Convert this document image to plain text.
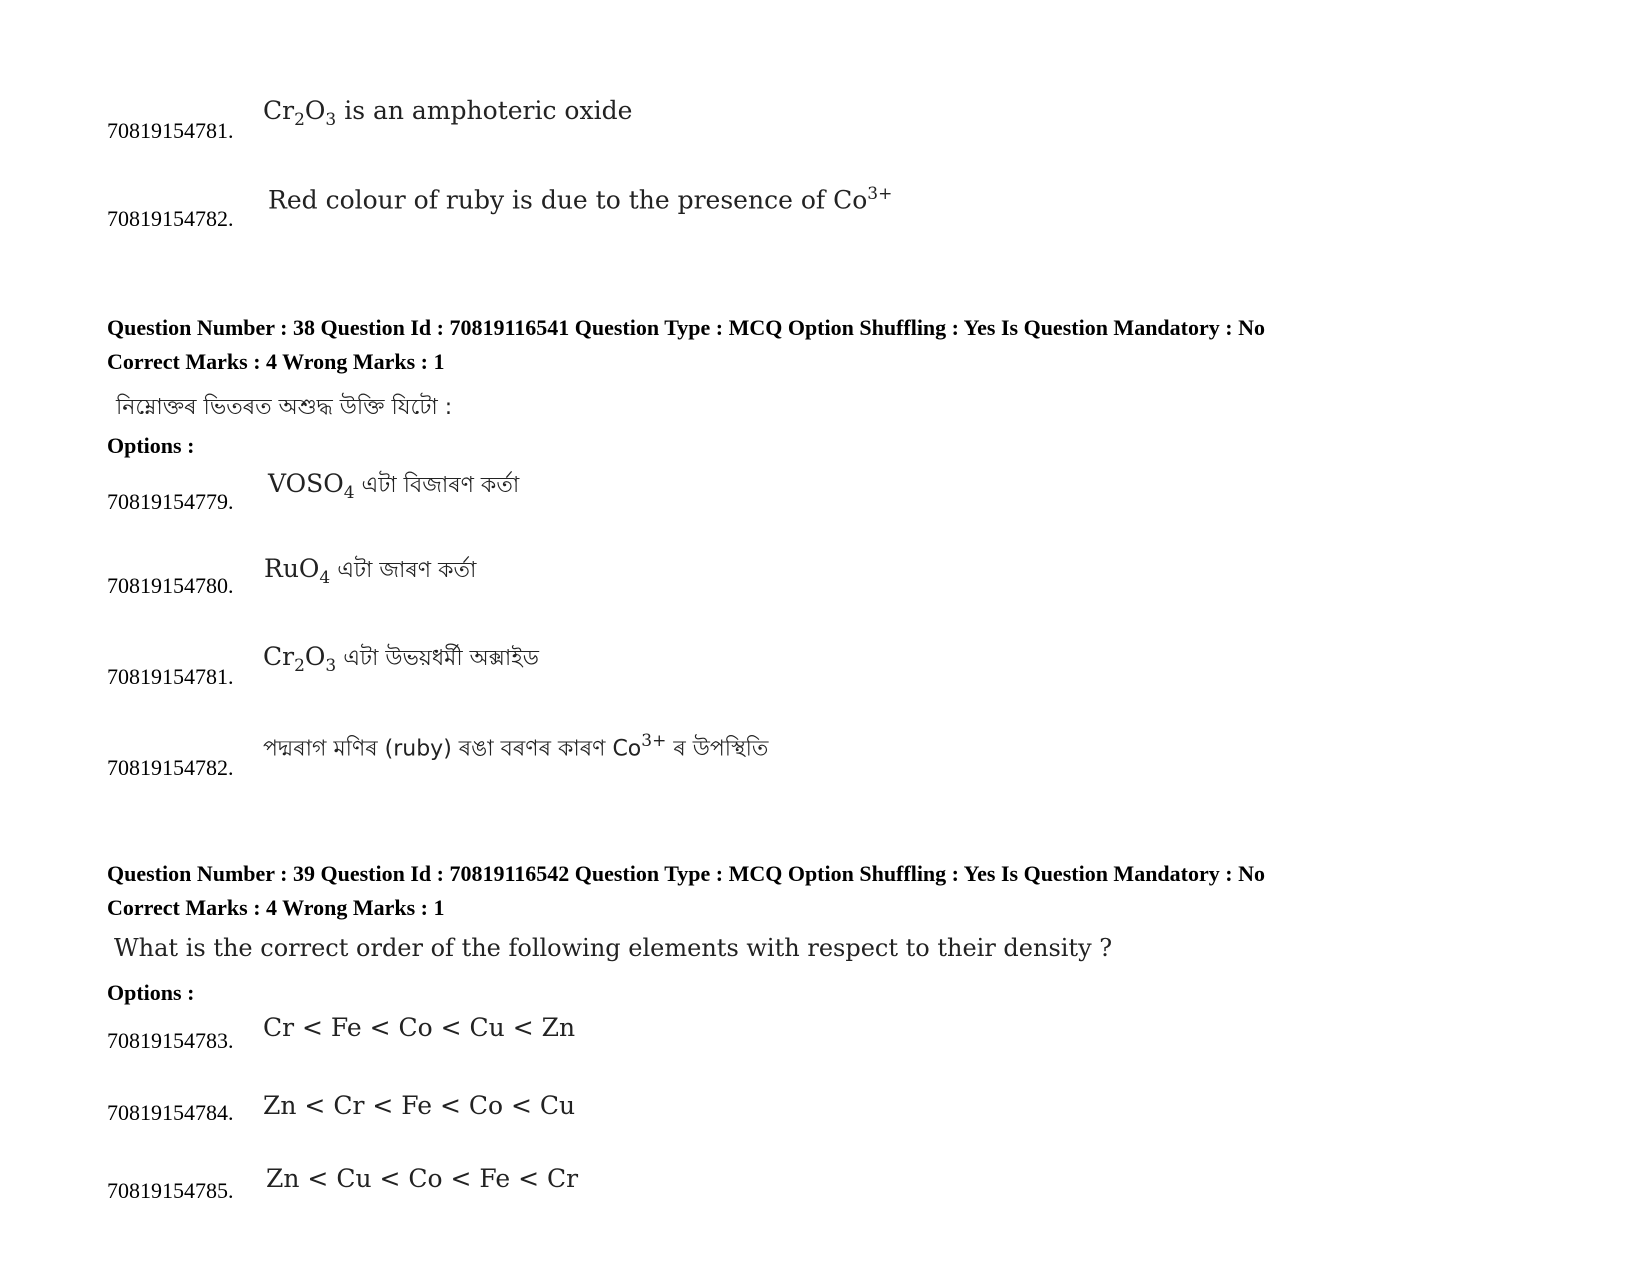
70819154781.
$Cr_2O_3$ is an amphoteric oxide
70819154782.
Red colour of ruby is due to the presence of $Co^{3+}$
Question Number : 38 Question Id : 70819116541 Question Type : MCQ Option Shuffling : Yes Is Question Mandatory : No
Correct Marks : 4 Wrong Marks : 1
নিম্নোক্তৰ ভিতৰত অশুদ্ধ উক্তি যিটো :
Options :
70819154779.
$VOSO_4$ এটা বিজাৰণ কৰ্তা
70819154780.
RuO$_4$ এটা জাৰণ কৰ্তা
70819154781.
$Cr_2O_3$ এটা উভয়ধৰ্মী অক্সাইড
70819154782.
পদ্মৰাগ মণিৰ (ruby) ৰঙা বৰণৰ কাৰণ $Co^{3+}$ ৰ উপস্থিতি
Question Number : 39 Question Id : 70819116542 Question Type : MCQ Option Shuffling : Yes Is Question Mandatory : No
Correct Marks : 4 Wrong Marks : 1
What is the correct order of the following elements with respect to their density ?
Options :
70819154783. Cr < Fe < Co < Cu < Zn
70819154784. Zn < Cr < Fe < Co < Cu
70819154785. Zn < Cu < Co < Fe < Cr
